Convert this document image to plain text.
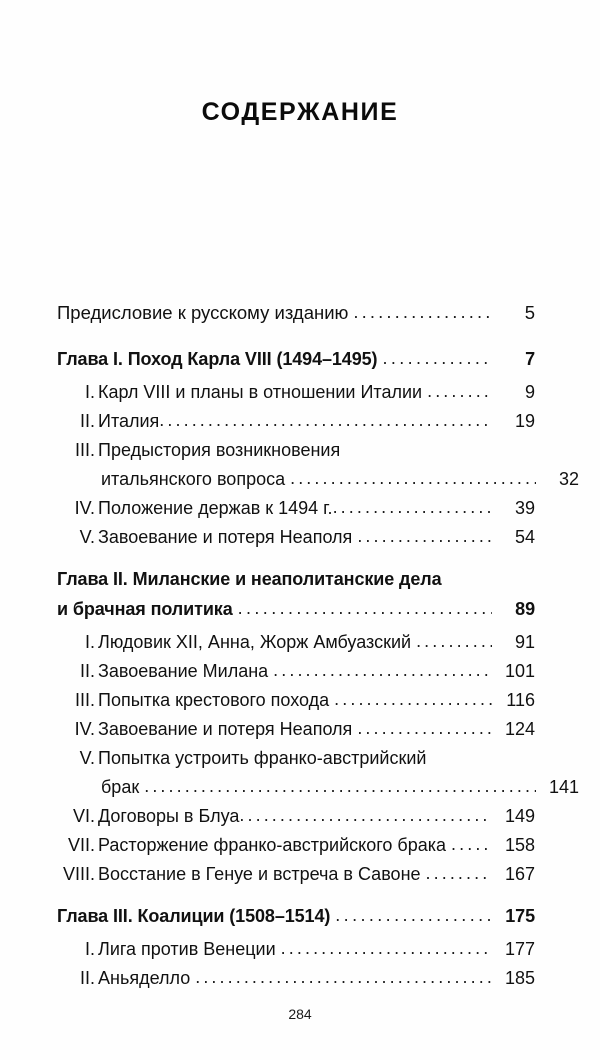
СОДЕРЖАНИЕ
Предисловие к русскому изданию .....	5
Глава I. Поход Карла VIII (1494–1495) .....	7
I. Карл VIII и планы в отношении Италии .....	9
II. Италия .....	19
III. Предыстория возникновения
итальянского вопроса .....	32
IV. Положение держав к 1494 г. .....	39
V. Завоевание и потеря Неаполя .....	54
Глава II. Миланские и неаполитанские дела
и брачная политика .....	89
I. Людовик XII, Анна, Жорж Амбуазский .....	91
II. Завоевание Милана .....	101
III. Попытка крестового похода .....	116
IV. Завоевание и потеря Неаполя .....	124
V. Попытка устроить франко-австрийский
брак .....	141
VI. Договоры в Блуа .....	149
VII. Расторжение франко-австрийского брака .....	158
VIII. Восстание в Генуе и встреча в Савоне .....	167
Глава III. Коалиции (1508–1514) .....	175
I. Лига против Венеции .....	177
II. Аньяделло .....	185
284
